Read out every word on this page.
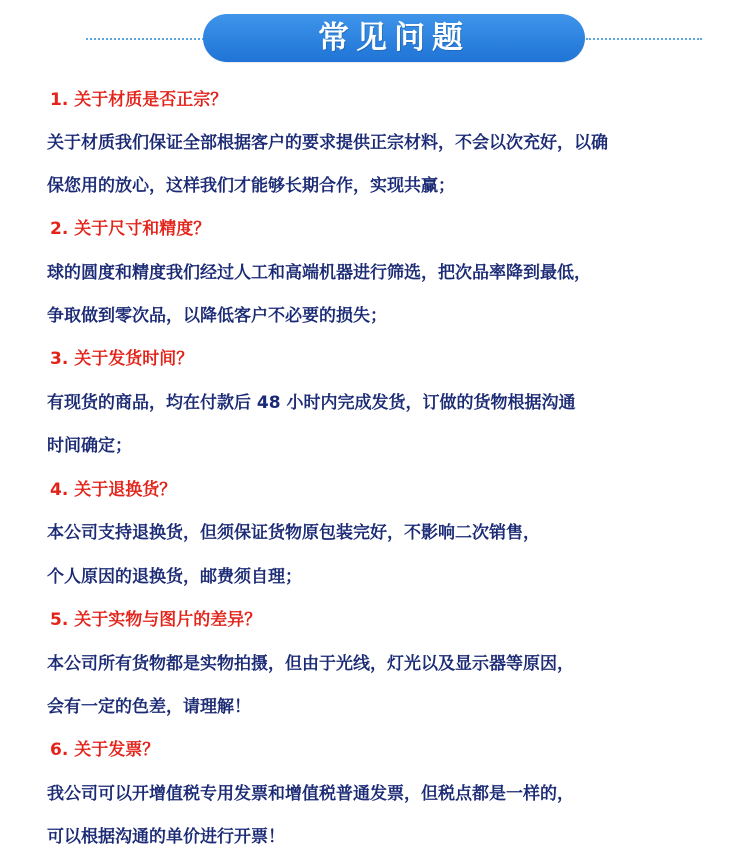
常见问题
1. 关于材质是否正宗？
关于材质我们保证全部根据客户的要求提供正宗材料，不会以次充好，以确
保您用的放心，这样我们才能够长期合作，实现共赢；
2. 关于尺寸和精度？
球的圆度和精度我们经过人工和高端机器进行筛选，把次品率降到最低，
争取做到零次品，以降低客户不必要的损失；
3. 关于发货时间？
有现货的商品，均在付款后 48 小时内完成发货，订做的货物根据沟通
时间确定；
4. 关于退换货？
本公司支持退换货，但须保证货物原包装完好，不影响二次销售，
个人原因的退换货，邮费须自理；
5. 关于实物与图片的差异？
本公司所有货物都是实物拍摄，但由于光线，灯光以及显示器等原因，
会有一定的色差，请理解！
6. 关于发票？
我公司可以开增值税专用发票和增值税普通发票，但税点都是一样的，
可以根据沟通的单价进行开票！
